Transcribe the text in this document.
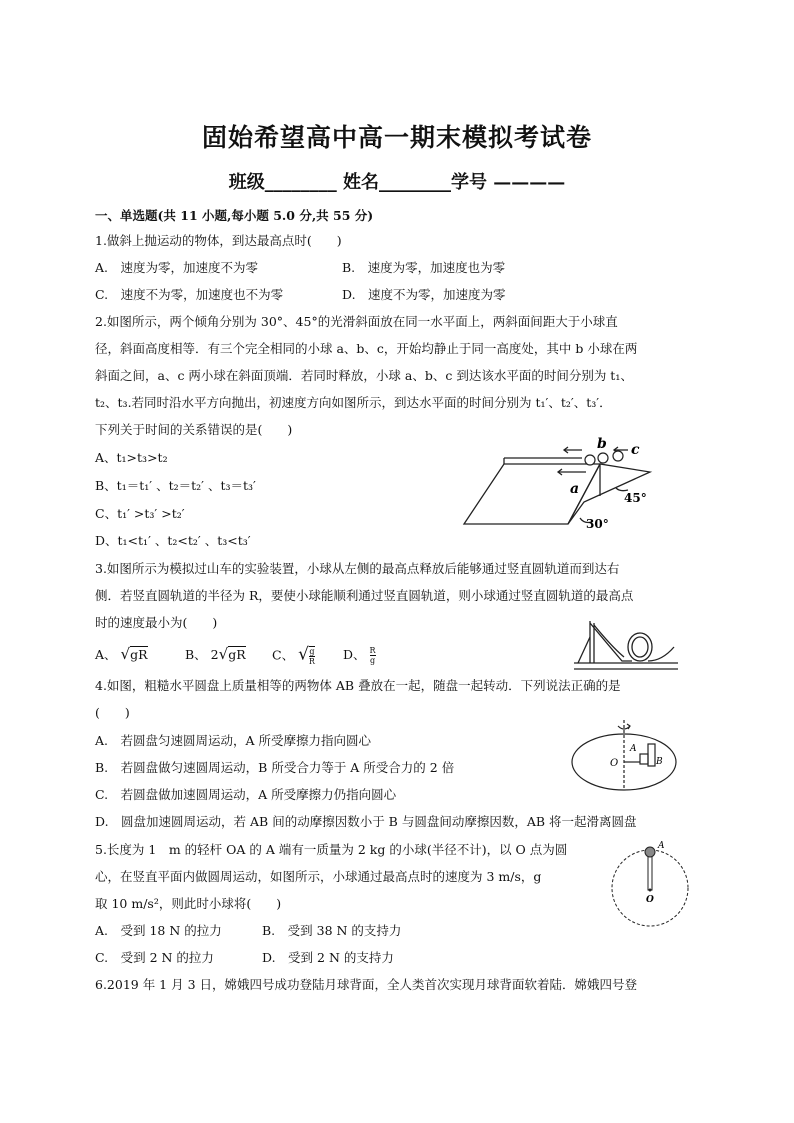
固始希望高中高一期末模拟考试卷
班级________ 姓名________学号 ————
一、单选题(共 11 小题,每小题 5.0 分,共 55 分)
1.做斜上抛运动的物体，到达最高点时(　　)
A.　速度为零，加速度不为零	B.　速度为零，加速度也为零
C.　速度不为零，加速度也不为零	D.　速度不为零，加速度为零
2.如图所示，两个倾角分别为 30°、45°的光滑斜面放在同一水平面上，两斜面间距大于小球直
径，斜面高度相等．有三个完全相同的小球 a、b、c，开始均静止于同一高度处，其中 b 小球在两
斜面之间，a、c 两小球在斜面顶端．若同时释放，小球 a、b、c 到达该水平面的时间分别为 t₁、
t₂、t₃.若同时沿水平方向抛出，初速度方向如图所示，到达水平面的时间分别为 t₁′、t₂′、t₃′．
下列关于时间的关系错误的是(　　)
A、t₁>t₃>t₂
B、t₁＝t₁′ 、t₂＝t₂′ 、t₃＝t₃′
C、t₁′ >t₃′ >t₂′
D、t₁<t₁′ 、t₂<t₂′ 、t₃<t₃′
a
b c
45°
30°
3.如图所示为模拟过山车的实验装置，小球从左侧的最高点释放后能够通过竖直圆轨道而到达右
侧．若竖直圆轨道的半径为 R，要使小球能顺利通过竖直圆轨道，则小球通过竖直圆轨道的最高点
时的速度最小为(　　)
A、 √gR	B、 2√gR C、 √ $\frac{g}{R}$ D、 $\frac{R}{g}$
4.如图，粗糙水平圆盘上质量相等的两物体 AB 叠放在一起，随盘一起转动．下列说法正确的是
(　　)
A.　若圆盘匀速圆周运动，A 所受摩擦力指向圆心
B.　若圆盘做匀速圆周运动，B 所受合力等于 A 所受合力的 2 倍
C.　若圆盘做加速圆周运动，A 所受摩擦力仍指向圆心
D.　圆盘加速圆周运动，若 AB 间的动摩擦因数小于 B 与圆盘间动摩擦因数，AB 将一起滑离圆盘
O
A
B
5.长度为 1　m 的轻杆 OA 的 A 端有一质量为 2 kg 的小球(半径不计)，以 O 点为圆
心，在竖直平面内做圆周运动，如图所示，小球通过最高点时的速度为 3 m/s，g
取 10 m/s²，则此时小球将(　　)
A.　受到 18 N 的拉力	B.　受到 38 N 的支持力
C.　受到 2 N 的拉力	D.　受到 2 N 的支持力
A
O
6.2019 年 1 月 3 日，嫦娥四号成功登陆月球背面，全人类首次实现月球背面软着陆．嫦娥四号登
